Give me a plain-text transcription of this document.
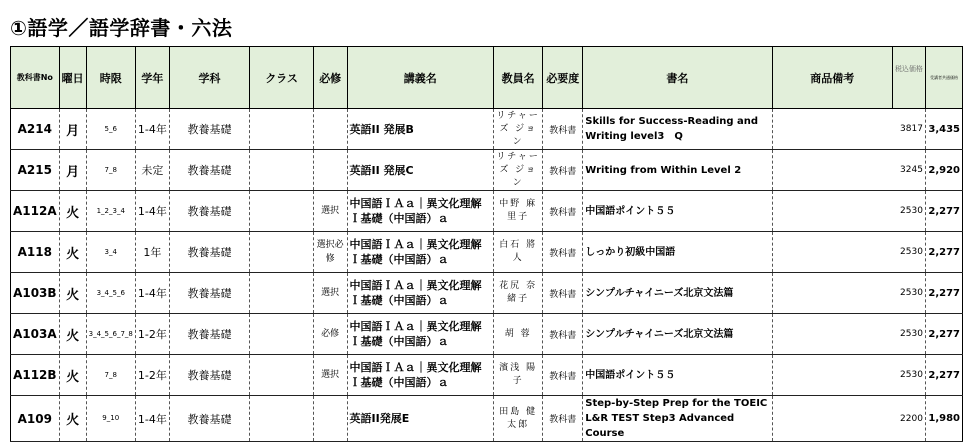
①語学／語学辞書・六法
教科書No	曜日	時限	学年	学科	クラス	必修	講義名	教員名	必要度	書名	商品備考	税込価格	受講者共通価格
A214	月	5_6	1-4年	教養基礎			英語II 発展B	リチャーズ ジョン	教科書	Skills for Success-Reading and Writing level3　Q		3817	3,435
A215	月	7_8	未定	教養基礎			英語II 発展C	リチャーズ ジョン	教科書	Writing from Within Level 2		3245	2,920
A112A	火	1_2_3_4	1-4年	教養基礎		選択	中国語ＩＡａ｜異文化理解Ｉ基礎（中国語）ａ	中野 麻里子	教科書	中国語ポイント５５		2530	2,277
A118	火	3_4	1年	教養基礎		選択必修	中国語ＩＡａ｜異文化理解Ｉ基礎（中国語）ａ	白石 將人	教科書	しっかり初級中国語		2530	2,277
A103B	火	3_4_5_6	1-4年	教養基礎		選択	中国語ＩＡａ｜異文化理解Ｉ基礎（中国語）ａ	花尻 奈緒子	教科書	シンプルチャイニーズ北京文法篇		2530	2,277
A103A	火	3_4_5_6_7_8	1-2年	教養基礎		必修	中国語ＩＡａ｜異文化理解Ｉ基礎（中国語）ａ	胡 蓉	教科書	シンプルチャイニーズ北京文法篇		2530	2,277
A112B	火	7_8	1-2年	教養基礎		選択	中国語ＩＡａ｜異文化理解Ｉ基礎（中国語）ａ	濱浅 陽子	教科書	中国語ポイント５５		2530	2,277
A109	火	9_10	1-4年	教養基礎			英語II発展E	田島 健太郎	教科書	Step-by-Step Prep for the TOEIC L&R TEST Step3 Advanced Course		2200	1,980
